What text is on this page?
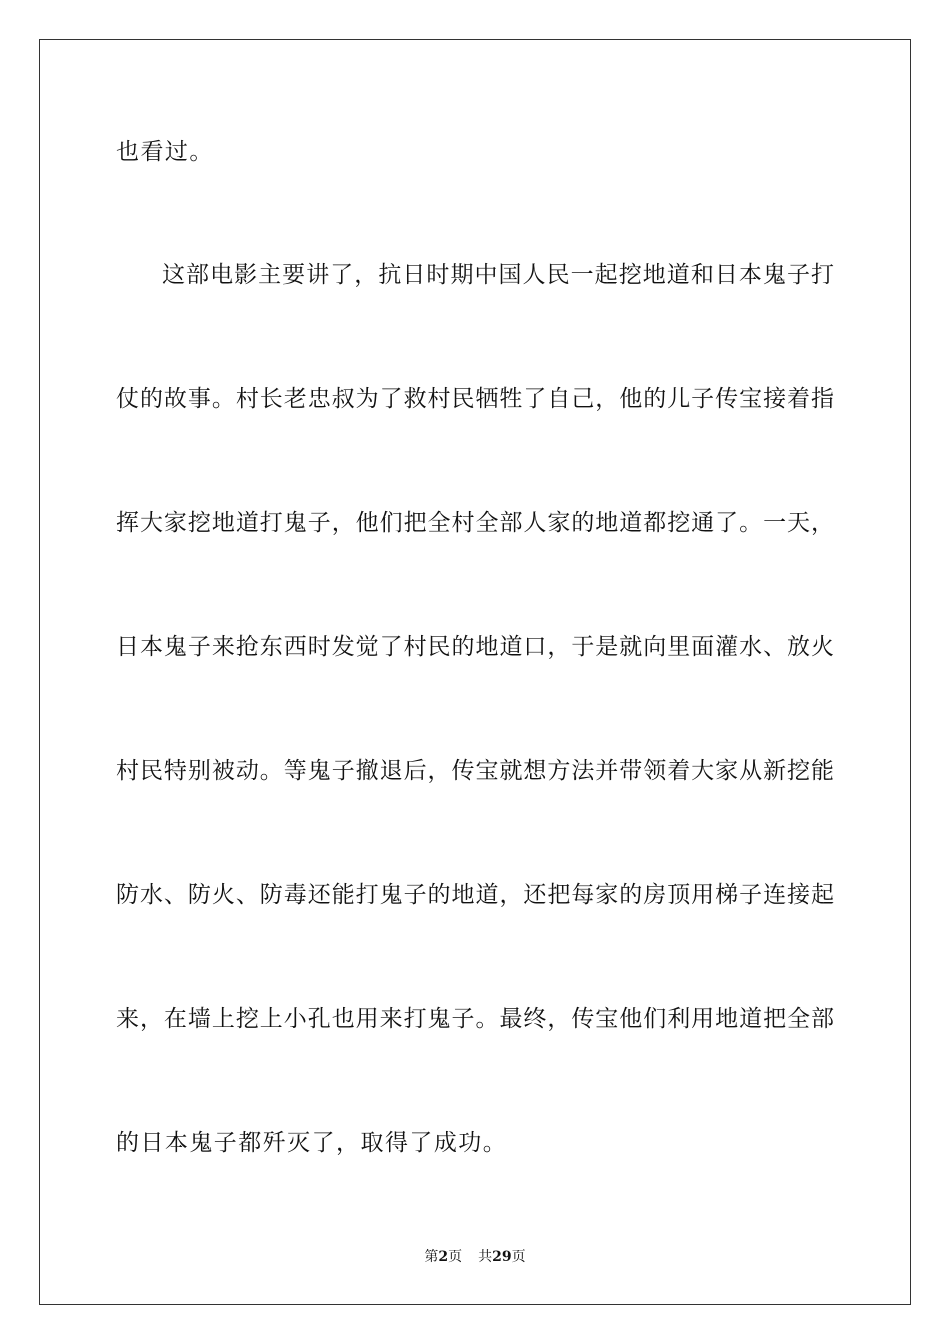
也看过。
这部电影主要讲了，抗日时期中国人民一起挖地道和日本鬼子打
仗的故事。村长老忠叔为了救村民牺牲了自己，他的儿子传宝接着指
挥大家挖地道打鬼子，他们把全村全部人家的地道都挖通了。一天，
日本鬼子来抢东西时发觉了村民的地道口，于是就向里面灌水、放火
村民特别被动。等鬼子撤退后，传宝就想方法并带领着大家从新挖能
防水、防火、防毒还能打鬼子的地道，还把每家的房顶用梯子连接起
来，在墙上挖上小孔也用来打鬼子。最终，传宝他们利用地道把全部
的日本鬼子都歼灭了，取得了成功。
第2页 共29页
